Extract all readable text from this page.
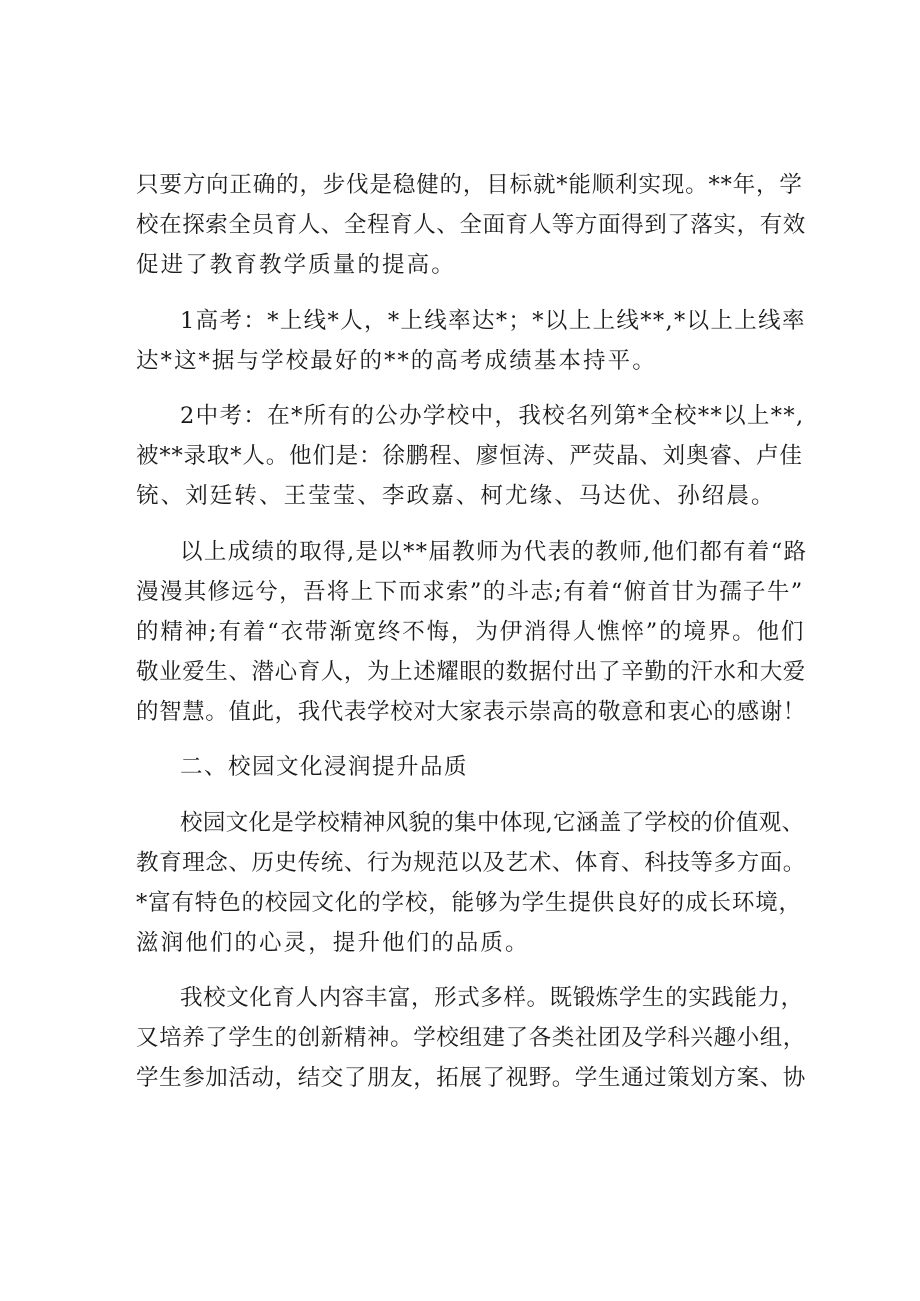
只要方向正确的，步伐是稳健的，目标就*能顺利实现。**年，学
校在探索全员育人、全程育人、全面育人等方面得到了落实，有效
促进了教育教学质量的提高。
1高考：*上线*人，*上线率达*；*以上上线**,*以上上线率
达*这*据与学校最好的**的高考成绩基本持平。
2中考：在*所有的公办学校中，我校名列第*全校**以上**,
被**录取*人。他们是：徐鹏程、廖恒涛、严荧晶、刘奥睿、卢佳
铳、刘廷转、王莹莹、李政嘉、柯尤缘、马达优、孙绍晨。
以上成绩的取得,是以**届教师为代表的教师,他们都有着“路
漫漫其修远兮，吾将上下而求索”的斗志;有着“俯首甘为孺子牛”
的精神;有着“衣带渐宽终不悔，为伊消得人憔悴”的境界。他们
敬业爱生、潜心育人，为上述耀眼的数据付出了辛勤的汗水和大爱
的智慧。值此，我代表学校对大家表示崇高的敬意和衷心的感谢！
二、校园文化浸润提升品质
校园文化是学校精神风貌的集中体现,它涵盖了学校的价值观、
教育理念、历史传统、行为规范以及艺术、体育、科技等多方面。
*富有特色的校园文化的学校，能够为学生提供良好的成长环境，
滋润他们的心灵，提升他们的品质。
我校文化育人内容丰富，形式多样。既锻炼学生的实践能力，
又培养了学生的创新精神。学校组建了各类社团及学科兴趣小组，
学生参加活动，结交了朋友，拓展了视野。学生通过策划方案、协
